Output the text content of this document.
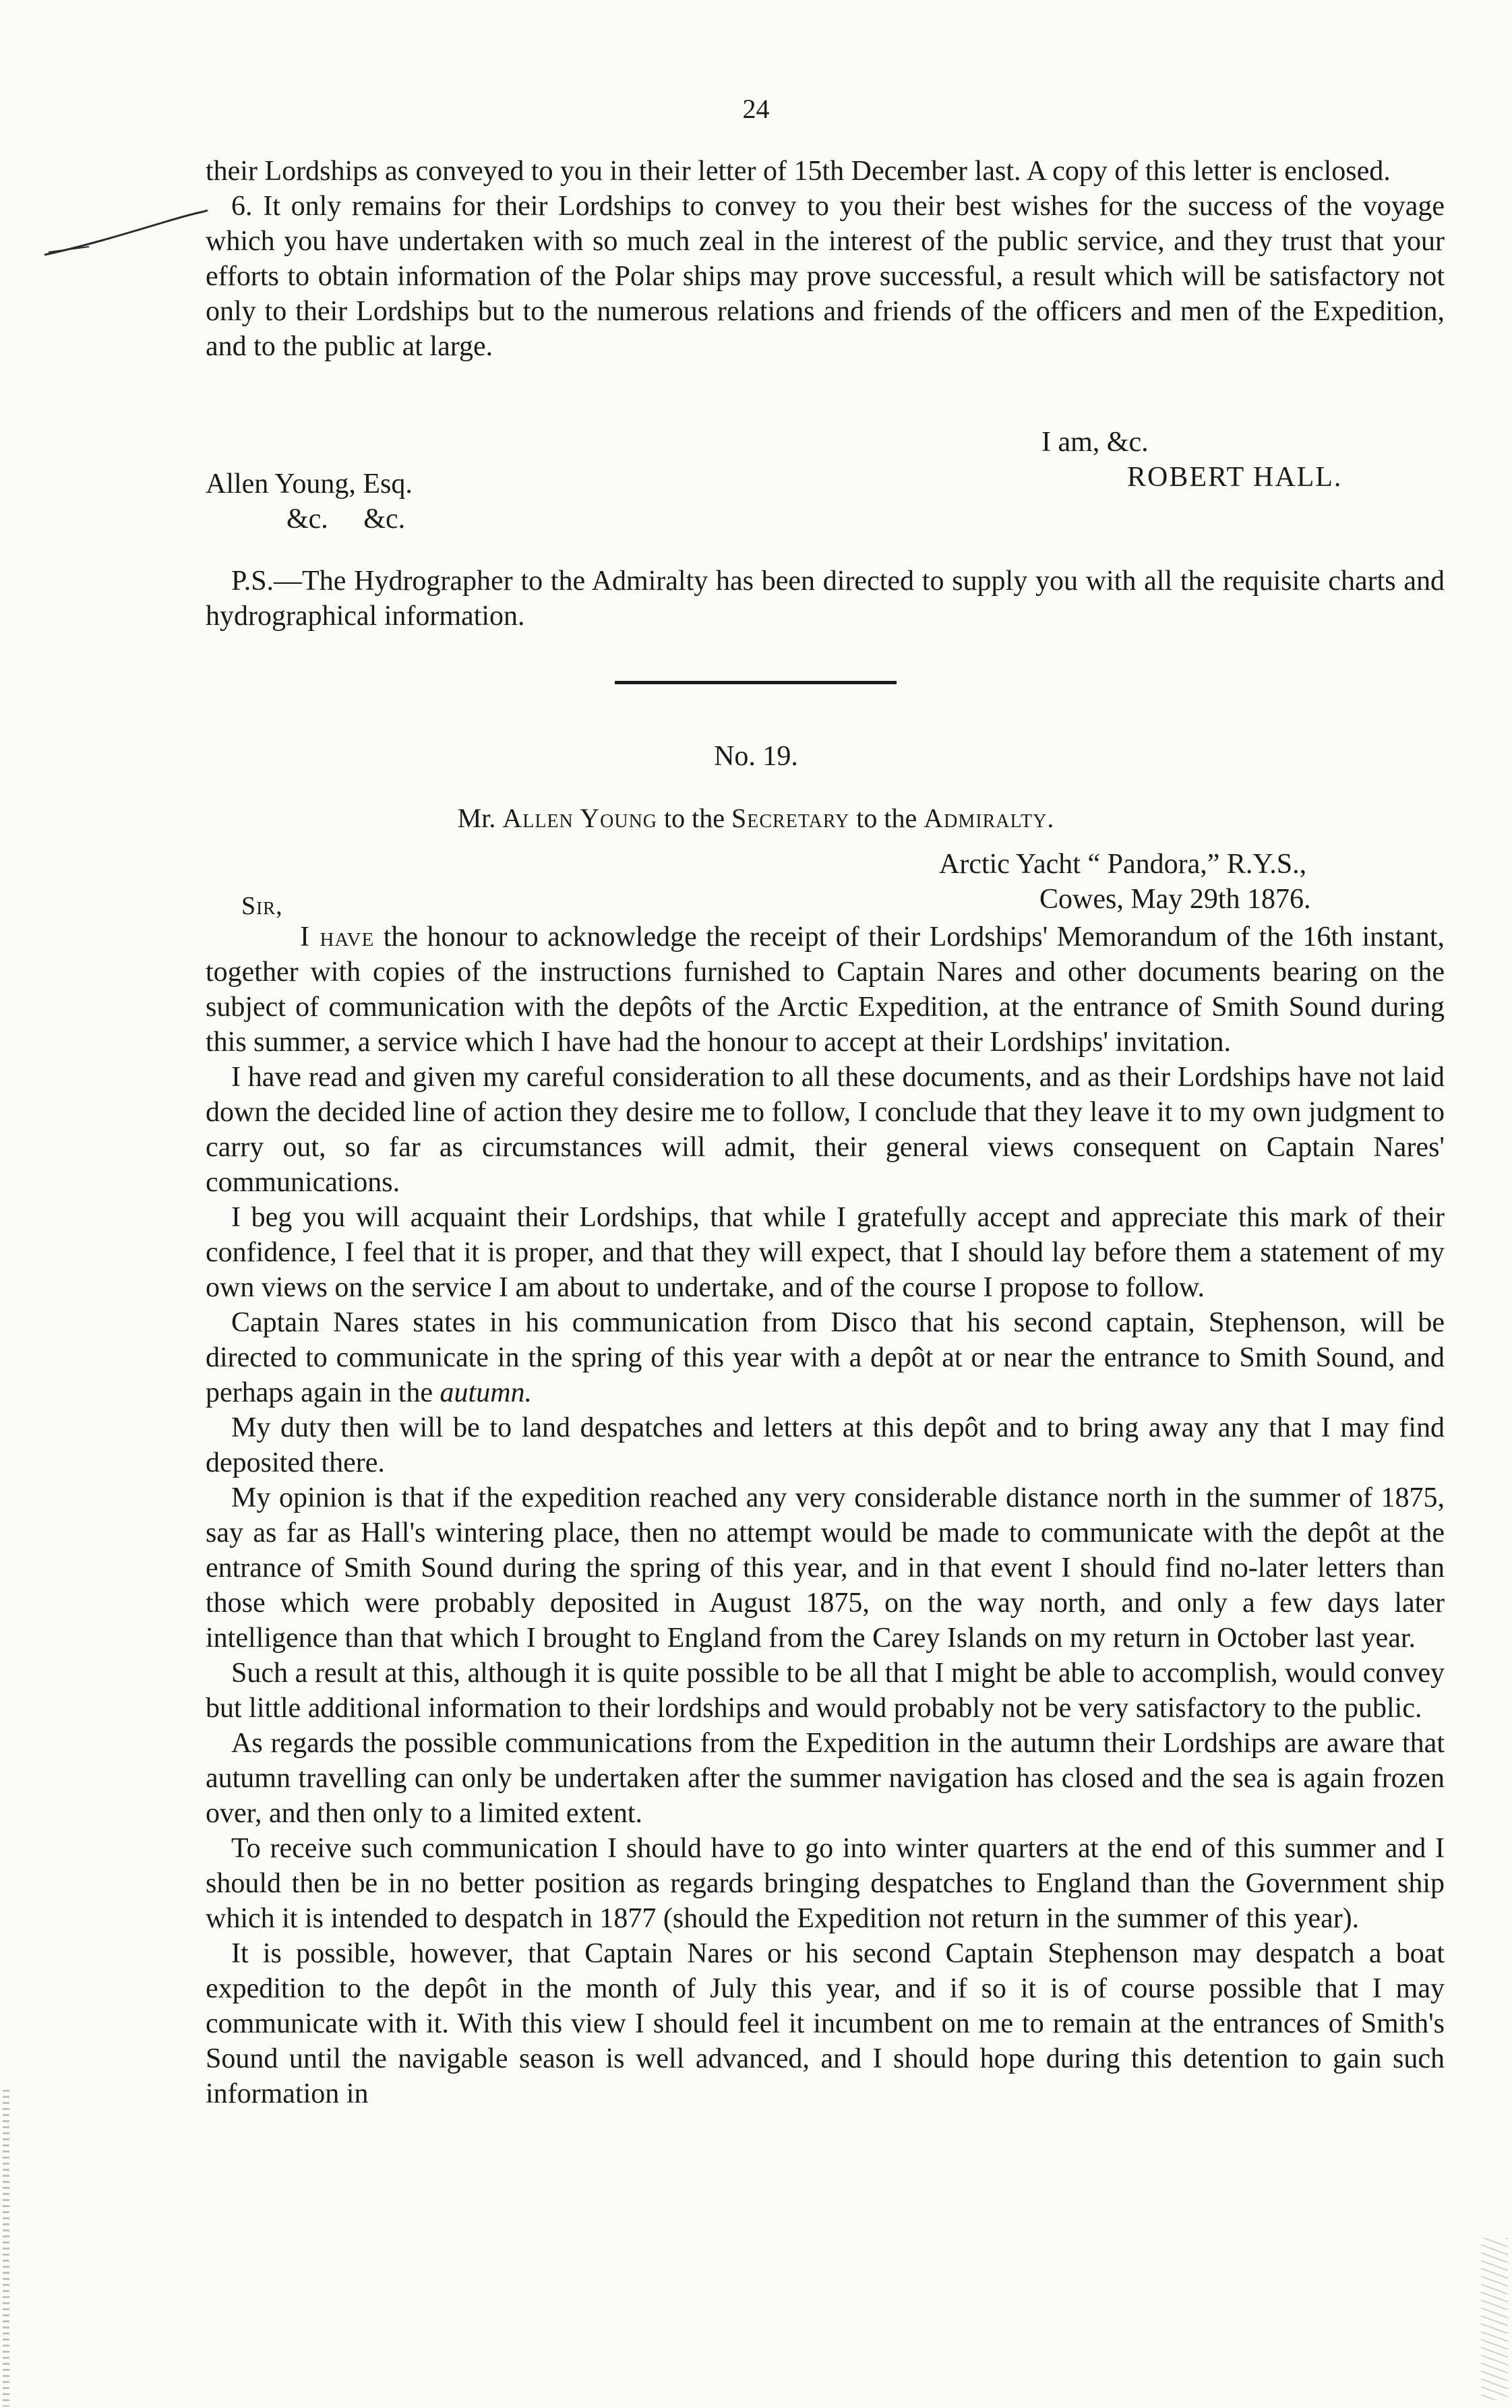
24

their Lordships as conveyed to you in their letter of 15th December last. A copy of this letter is enclosed.

6. It only remains for their Lordships to convey to you their best wishes for the success of the voyage which you have undertaken with so much zeal in the interest of the public service, and they trust that your efforts to obtain information of the Polar ships may prove successful, a result which will be satisfactory not only to their Lordships but to the numerous relations and friends of the officers and men of the Expedition, and to the public at large.

I am, &c.
ROBERT HALL.
Allen Young, Esq.
&c.     &c.

P.S.—The Hydrographer to the Admiralty has been directed to supply you with all the requisite charts and hydrographical information.

No. 19.
Mr. Allen Young to the Secretary to the Admiralty.
Arctic Yacht “ Pandora,” R.Y.S.,
Cowes, May 29th 1876.
Sir,

I have the honour to acknowledge the receipt of their Lordships' Memorandum of the 16th instant, together with copies of the instructions furnished to Captain Nares and other documents bearing on the subject of communication with the depôts of the Arctic Expedition, at the entrance of Smith Sound during this summer, a service which I have had the honour to accept at their Lordships' invitation.

I have read and given my careful consideration to all these documents, and as their Lordships have not laid down the decided line of action they desire me to follow, I conclude that they leave it to my own judgment to carry out, so far as circumstances will admit, their general views consequent on Captain Nares' communications.

I beg you will acquaint their Lordships, that while I gratefully accept and appreciate this mark of their confidence, I feel that it is proper, and that they will expect, that I should lay before them a statement of my own views on the service I am about to undertake, and of the course I propose to follow.

Captain Nares states in his communication from Disco that his second captain, Stephenson, will be directed to communicate in the spring of this year with a depôt at or near the entrance to Smith Sound, and perhaps again in the autumn.

My duty then will be to land despatches and letters at this depôt and to bring away any that I may find deposited there.

My opinion is that if the expedition reached any very considerable distance north in the summer of 1875, say as far as Hall's wintering place, then no attempt would be made to communicate with the depôt at the entrance of Smith Sound during the spring of this year, and in that event I should find no-later letters than those which were probably deposited in August 1875, on the way north, and only a few days later intelligence than that which I brought to England from the Carey Islands on my return in October last year.

Such a result at this, although it is quite possible to be all that I might be able to accomplish, would convey but little additional information to their lordships and would probably not be very satisfactory to the public.

As regards the possible communications from the Expedition in the autumn their Lordships are aware that autumn travelling can only be undertaken after the summer navigation has closed and the sea is again frozen over, and then only to a limited extent.

To receive such communication I should have to go into winter quarters at the end of this summer and I should then be in no better position as regards bringing despatches to England than the Government ship which it is intended to despatch in 1877 (should the Expedition not return in the summer of this year).

It is possible, however, that Captain Nares or his second Captain Stephenson may despatch a boat expedition to the depôt in the month of July this year, and if so it is of course possible that I may communicate with it. With this view I should feel it incumbent on me to remain at the entrances of Smith's Sound until the navigable season is well advanced, and I should hope during this detention to gain such information in
